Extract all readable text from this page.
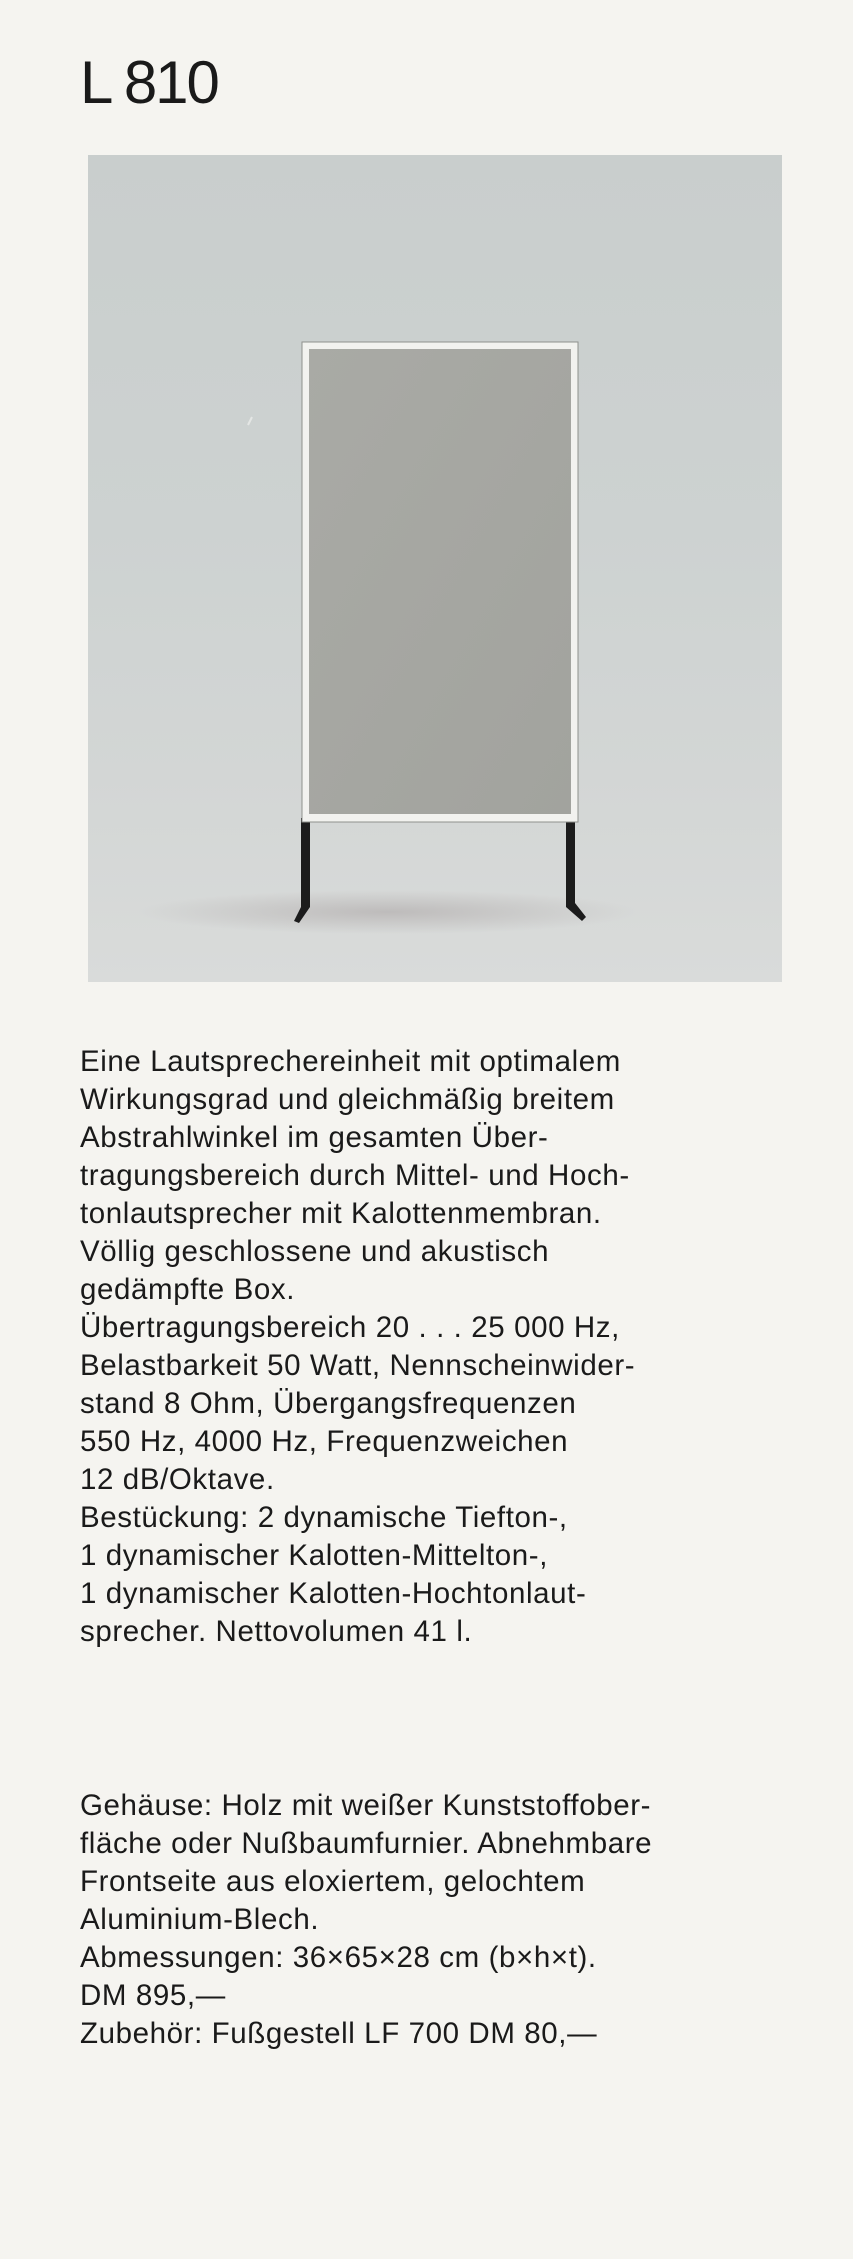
L 810
Eine Lautsprechereinheit mit optimalem
Wirkungsgrad und gleichmäßig breitem
Abstrahlwinkel im gesamten Über-
tragungsbereich durch Mittel- und Hoch-
tonlautsprecher mit Kalottenmembran.
Völlig geschlossene und akustisch
gedämpfte Box.
Übertragungsbereich 20 . . . 25 000 Hz,
Belastbarkeit 50 Watt, Nennscheinwider-
stand 8 Ohm, Übergangsfrequenzen
550 Hz, 4000 Hz, Frequenzweichen
12 dB/Oktave.
Bestückung: 2 dynamische Tiefton-,
1 dynamischer Kalotten-Mittelton-,
1 dynamischer Kalotten-Hochtonlaut-
sprecher. Nettovolumen 41 l.
Gehäuse: Holz mit weißer Kunststoffober-
fläche oder Nußbaumfurnier. Abnehmbare
Frontseite aus eloxiertem, gelochtem
Aluminium-Blech.
Abmessungen: 36×65×28 cm (b×h×t).
DM 895,—
Zubehör: Fußgestell LF 700 DM 80,—
